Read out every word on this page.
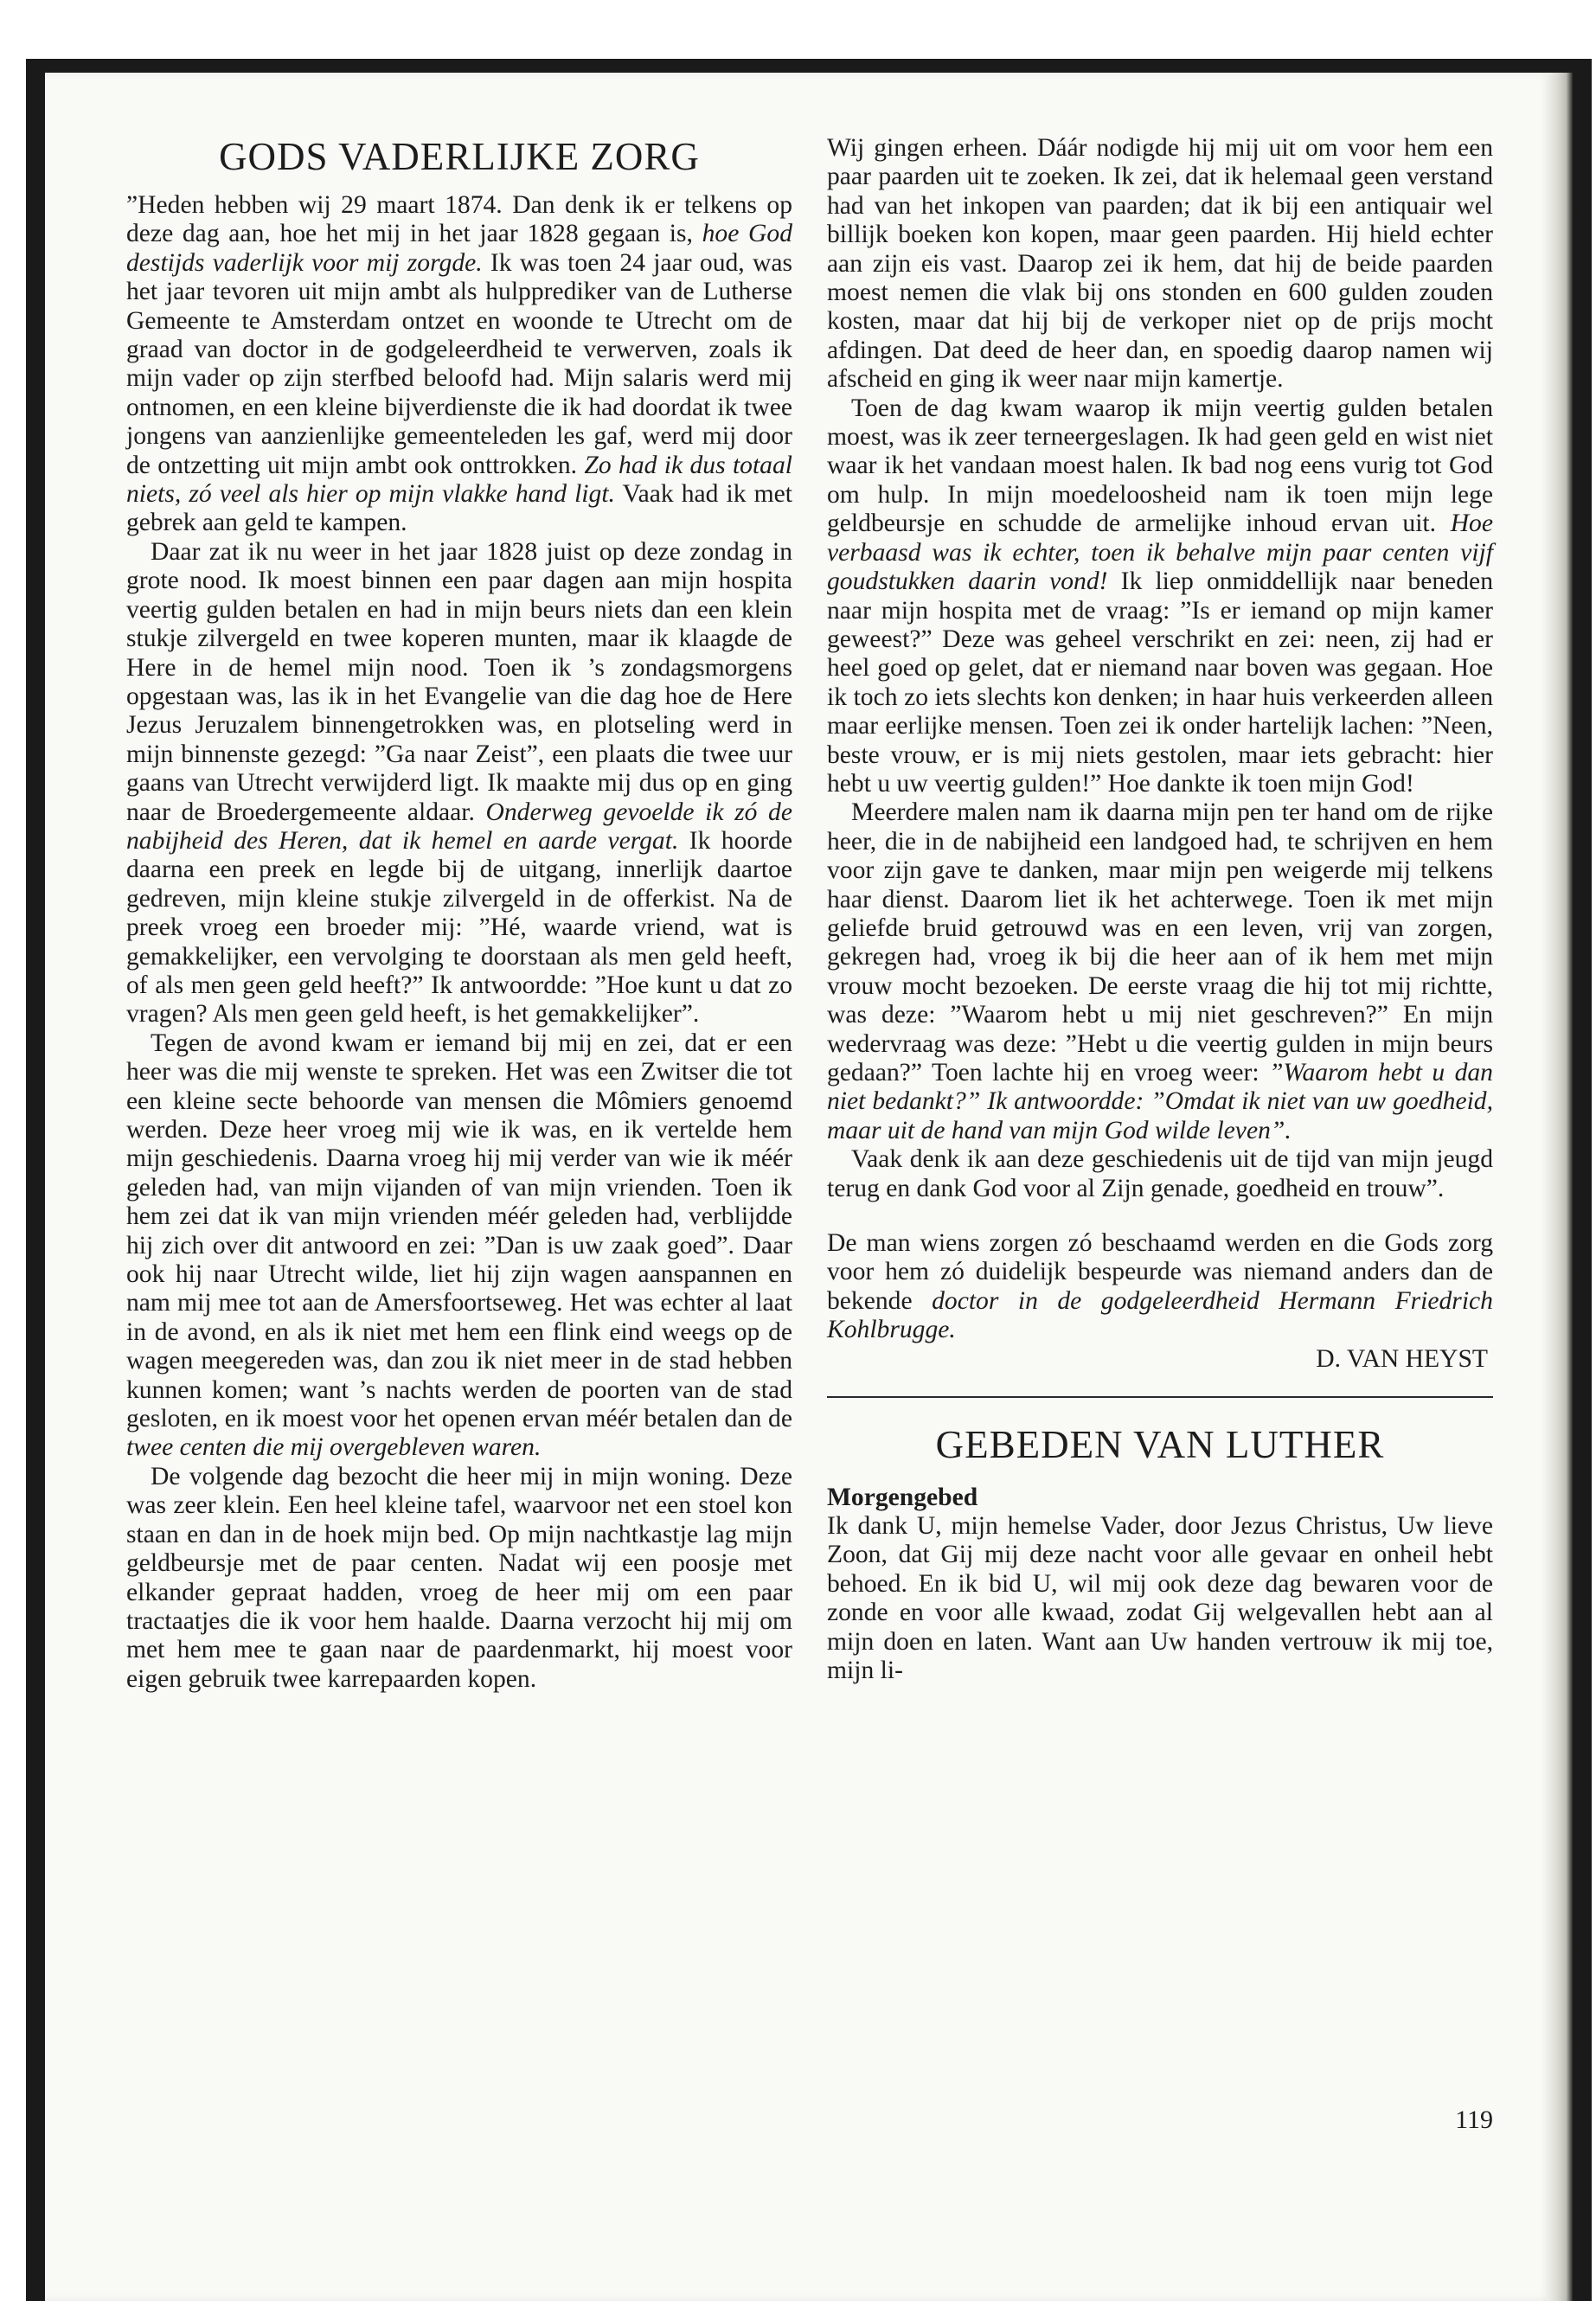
GODS VADERLIJKE ZORG

”Heden hebben wij 29 maart 1874. Dan denk ik er telkens op deze dag aan, hoe het mij in het jaar 1828 gegaan is, hoe God destijds vaderlijk voor mij zorgde. Ik was toen 24 jaar oud, was het jaar tevoren uit mijn ambt als hulpprediker van de Lutherse Gemeente te Amsterdam ontzet en woonde te Utrecht om de graad van doctor in de godgeleerdheid te verwerven, zoals ik mijn vader op zijn sterfbed beloofd had. Mijn salaris werd mij ontnomen, en een kleine bijverdienste die ik had doordat ik twee jongens van aanzienlijke gemeenteleden les gaf, werd mij door de ontzetting uit mijn ambt ook onttrokken. Zo had ik dus totaal niets, zó veel als hier op mijn vlakke hand ligt. Vaak had ik met gebrek aan geld te kampen.

Daar zat ik nu weer in het jaar 1828 juist op deze zondag in grote nood. Ik moest binnen een paar dagen aan mijn hospita veertig gulden betalen en had in mijn beurs niets dan een klein stukje zilvergeld en twee koperen munten, maar ik klaagde de Here in de hemel mijn nood. Toen ik ’s zondagsmorgens opgestaan was, las ik in het Evangelie van die dag hoe de Here Jezus Jeruzalem binnengetrokken was, en plotseling werd in mijn binnenste gezegd: ”Ga naar Zeist”, een plaats die twee uur gaans van Utrecht verwijderd ligt. Ik maakte mij dus op en ging naar de Broedergemeente aldaar. Onderweg gevoelde ik zó de nabijheid des Heren, dat ik hemel en aarde vergat. Ik hoorde daarna een preek en legde bij de uitgang, innerlijk daartoe gedreven, mijn kleine stukje zilvergeld in de offerkist. Na de preek vroeg een broeder mij: ”Hé, waarde vriend, wat is gemakkelijker, een vervolging te doorstaan als men geld heeft, of als men geen geld heeft?” Ik antwoordde: ”Hoe kunt u dat zo vragen? Als men geen geld heeft, is het gemakkelijker”.

Tegen de avond kwam er iemand bij mij en zei, dat er een heer was die mij wenste te spreken. Het was een Zwitser die tot een kleine secte behoorde van mensen die Mômiers genoemd werden. Deze heer vroeg mij wie ik was, en ik vertelde hem mijn geschiedenis. Daarna vroeg hij mij verder van wie ik méér geleden had, van mijn vijanden of van mijn vrienden. Toen ik hem zei dat ik van mijn vrienden méér geleden had, verblijdde hij zich over dit antwoord en zei: ”Dan is uw zaak goed”. Daar ook hij naar Utrecht wilde, liet hij zijn wagen aanspannen en nam mij mee tot aan de Amersfoortseweg. Het was echter al laat in de avond, en als ik niet met hem een flink eind weegs op de wagen meegereden was, dan zou ik niet meer in de stad hebben kunnen komen; want ’s nachts werden de poorten van de stad gesloten, en ik moest voor het openen ervan méér betalen dan de twee centen die mij overgebleven waren.

De volgende dag bezocht die heer mij in mijn woning. Deze was zeer klein. Een heel kleine tafel, waarvoor net een stoel kon staan en dan in de hoek mijn bed. Op mijn nachtkastje lag mijn geldbeursje met de paar centen. Nadat wij een poosje met elkander gepraat hadden, vroeg de heer mij om een paar tractaatjes die ik voor hem haalde. Daarna verzocht hij mij om met hem mee te gaan naar de paardenmarkt, hij moest voor eigen gebruik twee karrepaarden kopen.

Wij gingen erheen. Dáár nodigde hij mij uit om voor hem een paar paarden uit te zoeken. Ik zei, dat ik helemaal geen verstand had van het inkopen van paarden; dat ik bij een antiquair wel billijk boeken kon kopen, maar geen paarden. Hij hield echter aan zijn eis vast. Daarop zei ik hem, dat hij de beide paarden moest nemen die vlak bij ons stonden en 600 gulden zouden kosten, maar dat hij bij de verkoper niet op de prijs mocht afdingen. Dat deed de heer dan, en spoedig daarop namen wij afscheid en ging ik weer naar mijn kamertje.

Toen de dag kwam waarop ik mijn veertig gulden betalen moest, was ik zeer terneergeslagen. Ik had geen geld en wist niet waar ik het vandaan moest halen. Ik bad nog eens vurig tot God om hulp. In mijn moedeloosheid nam ik toen mijn lege geldbeursje en schudde de armelijke inhoud ervan uit. Hoe verbaasd was ik echter, toen ik behalve mijn paar centen vijf goudstukken daarin vond! Ik liep onmiddellijk naar beneden naar mijn hospita met de vraag: ”Is er iemand op mijn kamer geweest?” Deze was geheel verschrikt en zei: neen, zij had er heel goed op gelet, dat er niemand naar boven was gegaan. Hoe ik toch zo iets slechts kon denken; in haar huis verkeerden alleen maar eerlijke mensen. Toen zei ik onder hartelijk lachen: ”Neen, beste vrouw, er is mij niets gestolen, maar iets gebracht: hier hebt u uw veertig gulden!” Hoe dankte ik toen mijn God!

Meerdere malen nam ik daarna mijn pen ter hand om de rijke heer, die in de nabijheid een landgoed had, te schrijven en hem voor zijn gave te danken, maar mijn pen weigerde mij telkens haar dienst. Daarom liet ik het achterwege. Toen ik met mijn geliefde bruid getrouwd was en een leven, vrij van zorgen, gekregen had, vroeg ik bij die heer aan of ik hem met mijn vrouw mocht bezoeken. De eerste vraag die hij tot mij richtte, was deze: ”Waarom hebt u mij niet geschreven?” En mijn wedervraag was deze: ”Hebt u die veertig gulden in mijn beurs gedaan?” Toen lachte hij en vroeg weer: ”Waarom hebt u dan niet bedankt?” Ik antwoordde: ”Omdat ik niet van uw goedheid, maar uit de hand van mijn God wilde leven”.

Vaak denk ik aan deze geschiedenis uit de tijd van mijn jeugd terug en dank God voor al Zijn genade, goedheid en trouw”.

De man wiens zorgen zó beschaamd werden en die Gods zorg voor hem zó duidelijk bespeurde was niemand anders dan de bekende doctor in de godgeleerdheid Hermann Friedrich Kohlbrugge.

D. VAN HEYST

GEBEDEN VAN LUTHER

Morgengebed

Ik dank U, mijn hemelse Vader, door Jezus Christus, Uw lieve Zoon, dat Gij mij deze nacht voor alle gevaar en onheil hebt behoed. En ik bid U, wil mij ook deze dag bewaren voor de zonde en voor alle kwaad, zodat Gij welgevallen hebt aan al mijn doen en laten. Want aan Uw handen vertrouw ik mij toe, mijn li-

119
